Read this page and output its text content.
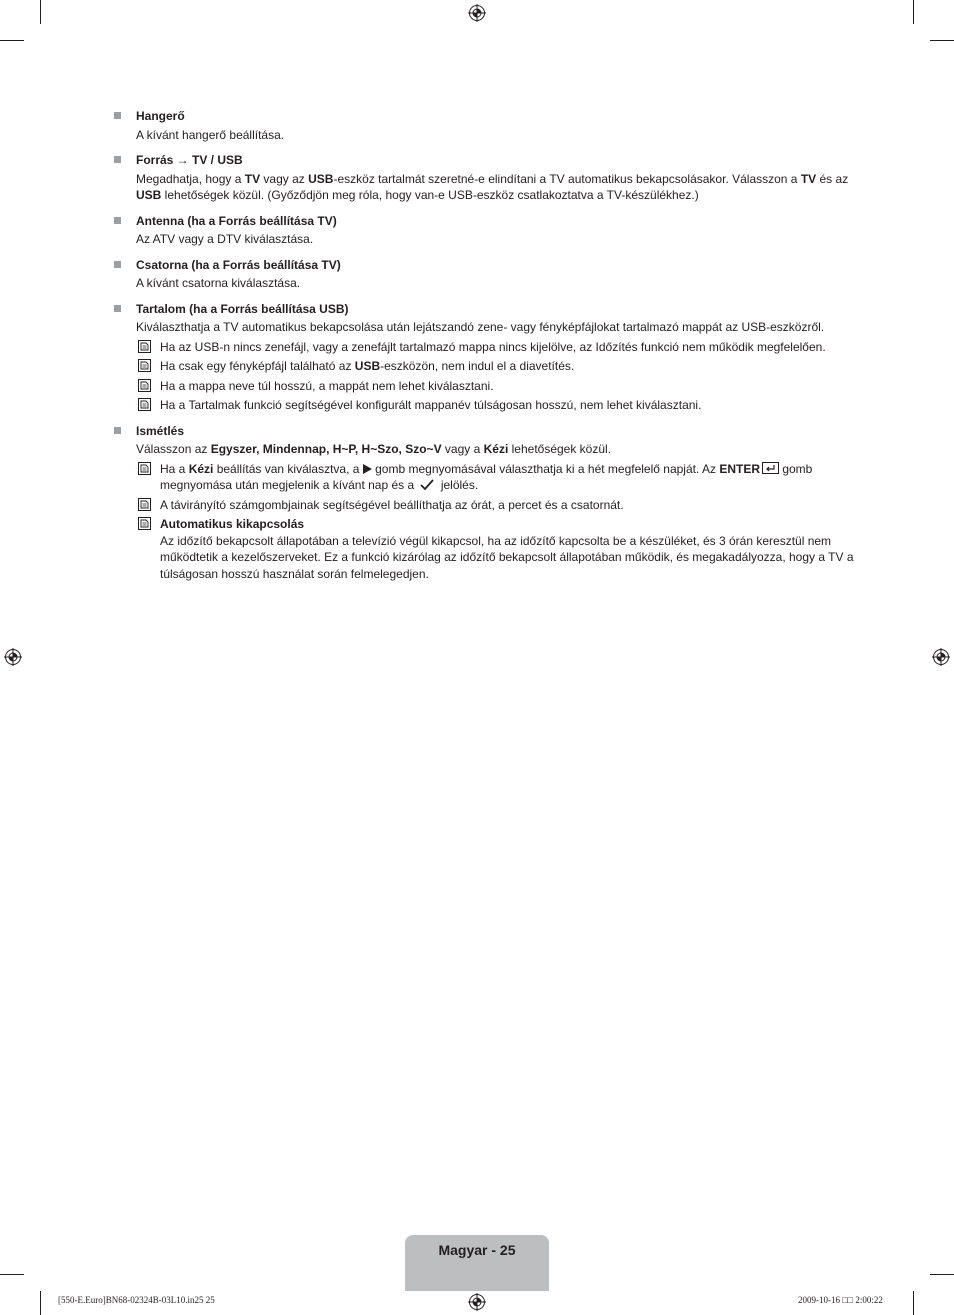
Hangerő

A kívánt hangerő beállítása.

Forrás → TV / USB

Megadhatja, hogy a TV vagy az USB-eszköz tartalmát szeretné-e elindítani a TV automatikus bekapcsolásakor. Válasszon a TV és az USB lehetőségek közül. (Győződjön meg róla, hogy van-e USB-eszköz csatlakoztatva a TV-készülékhez.)

Antenna (ha a Forrás beállítása TV)

Az ATV vagy a DTV kiválasztása.

Csatorna (ha a Forrás beállítása TV)

A kívánt csatorna kiválasztása.

Tartalom (ha a Forrás beállítása USB)

Kiválaszthatja a TV automatikus bekapcsolása után lejátszandó zene- vagy fényképfájlokat tartalmazó mappát az USB-eszközről.

Ha az USB-n nincs zenefájl, vagy a zenefájlt tartalmazó mappa nincs kijelölve, az Időzítés funkció nem működik megfelelően.
Ha csak egy fényképfájl található az USB-eszközön, nem indul el a diavetítés.
Ha a mappa neve túl hosszú, a mappát nem lehet kiválasztani.
Ha a Tartalmak funkció segítségével konfigurált mappanév túlságosan hosszú, nem lehet kiválasztani.
Ismétlés

Válasszon az Egyszer, Mindennap, H~P, H~Szo, Szo~V vagy a Kézi lehetőségek közül.

Ha a Kézi beállítás van kiválasztva, a  gomb megnyomásával választhatja ki a hét megfelelő napját. Az ENTER gomb megnyomása után megjelenik a kívánt nap és a  jelölés.
A távirányító számgombjainak segítségével beállíthatja az órát, a percet és a csatornát.
Automatikus kikapcsolás
Az időzítő bekapcsolt állapotában a televízió végül kikapcsol, ha az időzítő kapcsolta be a készüléket, és 3 órán keresztül nem működtetik a kezelőszerveket. Ez a funkció kizárólag az időzítő bekapcsolt állapotában működik, és megakadályozza, hogy a TV a túlságosan hosszú használat során felmelegedjen.
Magyar - 25
[550-E.Euro]BN68-02324B-03L10.in25 25	2009-10-16 □□ 2:00:22
